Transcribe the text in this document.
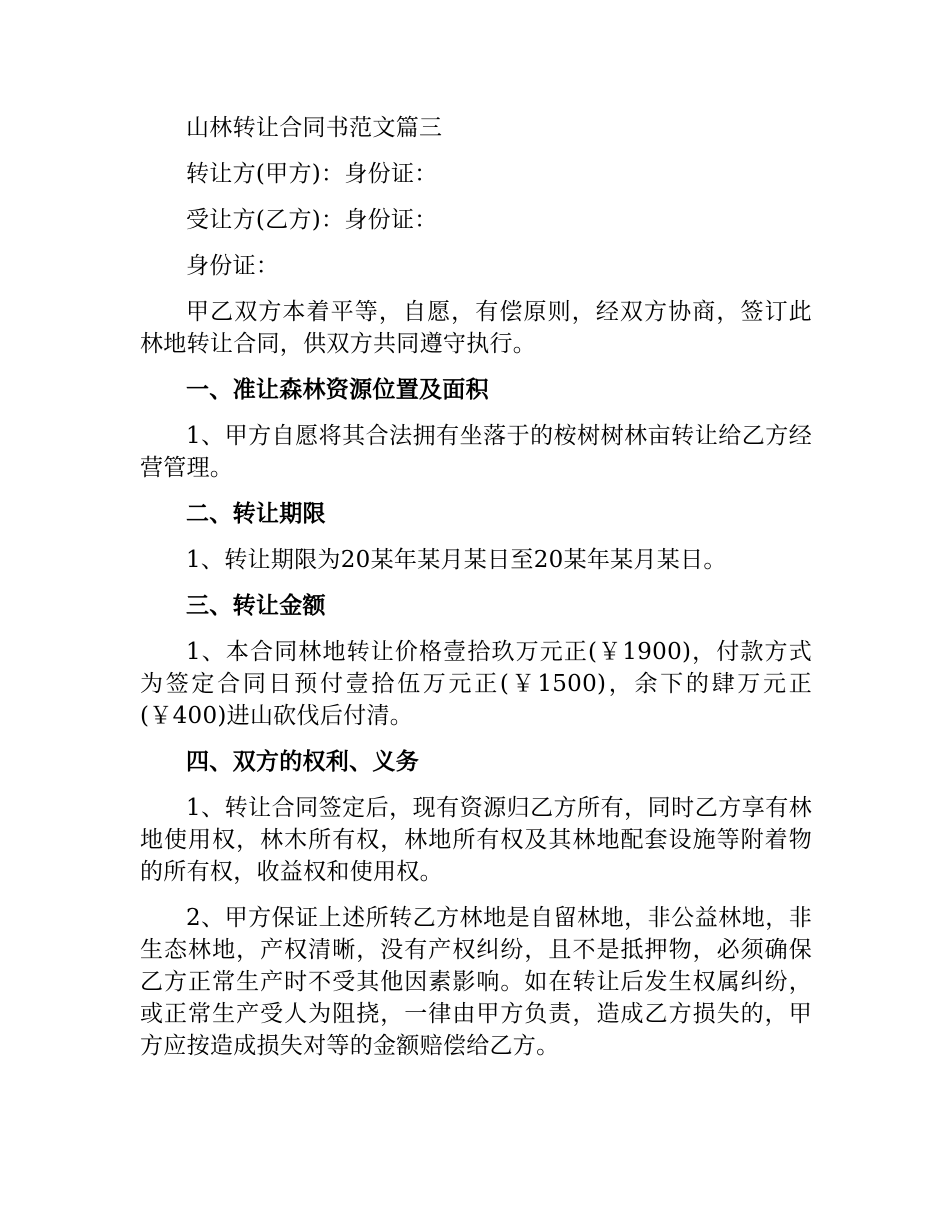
山林转让合同书范文篇三

转让方(甲方)：身份证：

受让方(乙方)：身份证：

身份证：

甲乙双方本着平等，自愿，有偿原则，经双方协商，签订此林地转让合同，供双方共同遵守执行。

一、准让森林资源位置及面积

1、甲方自愿将其合法拥有坐落于的桉树树林亩转让给乙方经营管理。

二、转让期限

1、转让期限为20某年某月某日至20某年某月某日。

三、转让金额

1、本合同林地转让价格壹拾玖万元正(￥1900)，付款方式为签定合同日预付壹拾伍万元正(￥1500)，余下的肆万元正(￥400)进山砍伐后付清。

四、双方的权利、义务

1、转让合同签定后，现有资源归乙方所有，同时乙方享有林地使用权，林木所有权，林地所有权及其林地配套设施等附着物的所有权，收益权和使用权。

2、甲方保证上述所转乙方林地是自留林地，非公益林地，非生态林地，产权清晰，没有产权纠纷，且不是抵押物，必须确保乙方正常生产时不受其他因素影响。如在转让后发生权属纠纷，或正常生产受人为阻挠，一律由甲方负责，造成乙方损失的，甲方应按造成损失对等的金额赔偿给乙方。
